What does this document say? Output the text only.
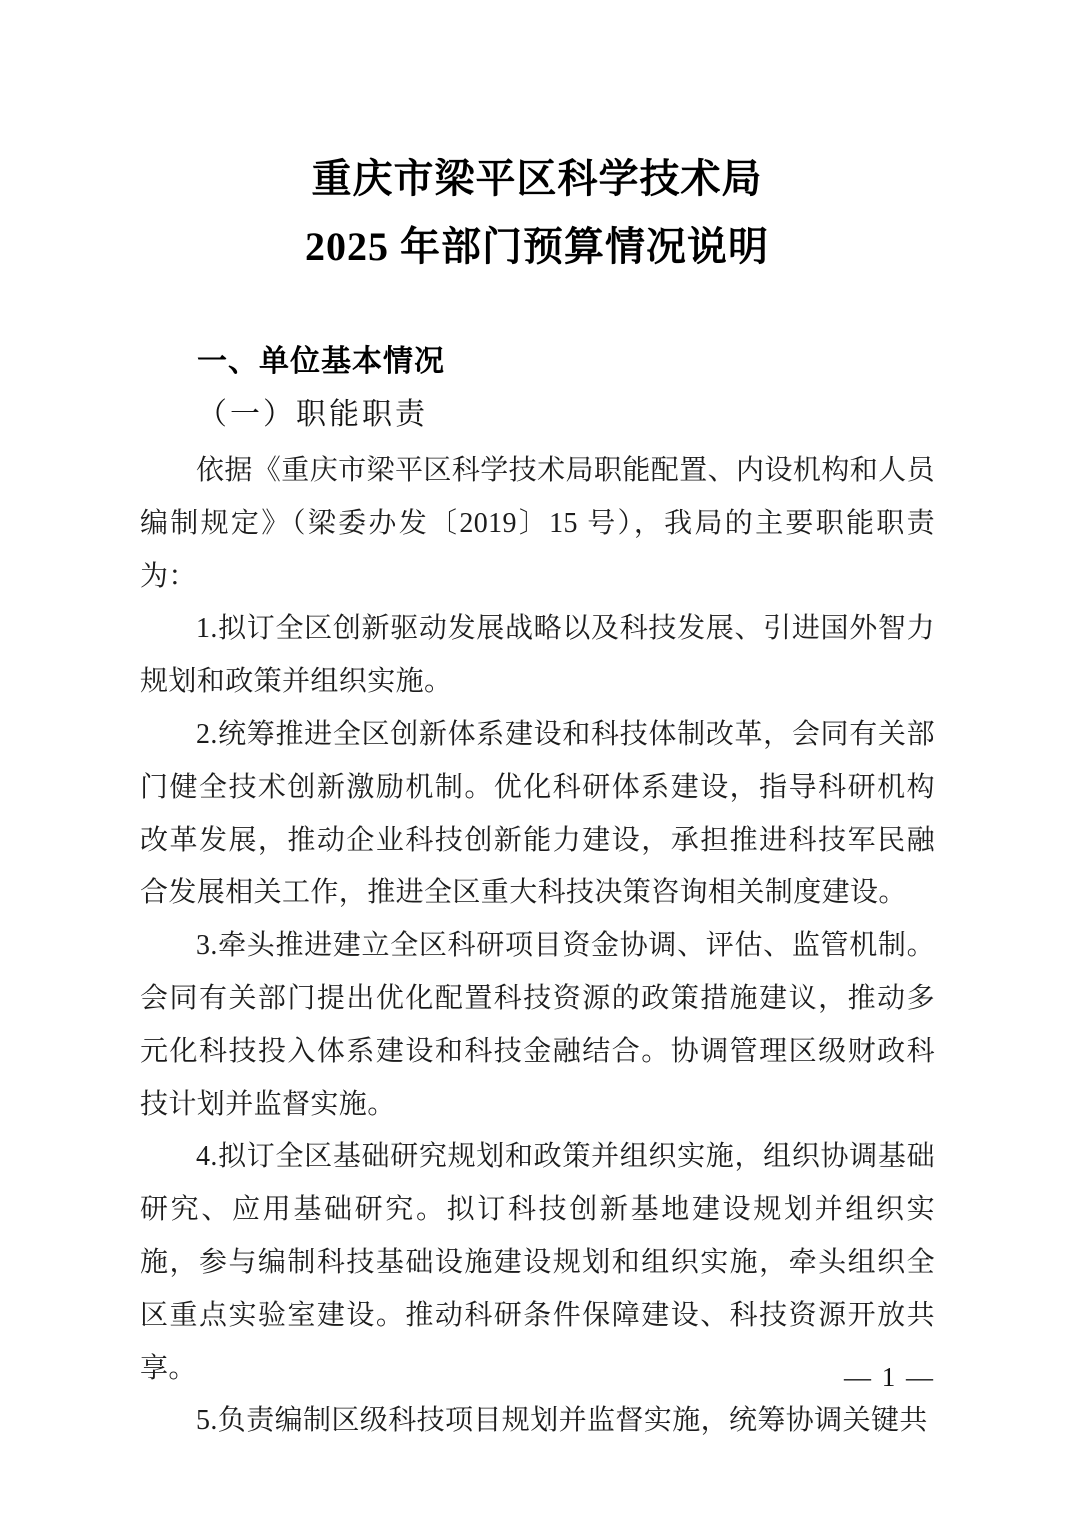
重庆市梁平区科学技术局
2025 年部门预算情况说明
一、单位基本情况
（一）职能职责

依据《重庆市梁平区科学技术局职能配置、内设机构和人员编制规定》（梁委办发〔2019〕15 号），我局的主要职能职责为：

1.拟订全区创新驱动发展战略以及科技发展、引进国外智力规划和政策并组织实施。

2.统筹推进全区创新体系建设和科技体制改革，会同有关部门健全技术创新激励机制。优化科研体系建设，指导科研机构改革发展，推动企业科技创新能力建设，承担推进科技军民融合发展相关工作，推进全区重大科技决策咨询相关制度建设。

3.牵头推进建立全区科研项目资金协调、评估、监管机制。会同有关部门提出优化配置科技资源的政策措施建议，推动多元化科技投入体系建设和科技金融结合。协调管理区级财政科技计划并监督实施。

4.拟订全区基础研究规划和政策并组织实施，组织协调基础研究、应用基础研究。拟订科技创新基地建设规划并组织实施，参与编制科技基础设施建设规划和组织实施，牵头组织全区重点实验室建设。推动科研条件保障建设、科技资源开放共享。

5.负责编制区级科技项目规划并监督实施，统筹协调关键共

— 1 —
